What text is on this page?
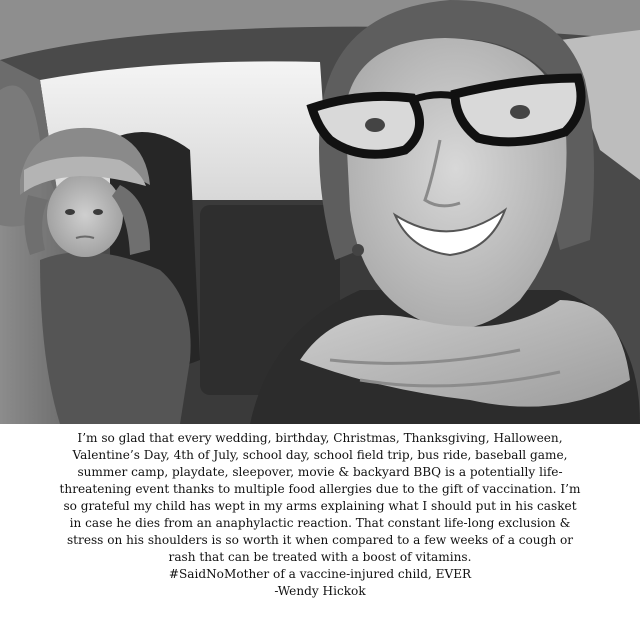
I’m so glad that every wedding, birthday, Christmas, Thanksgiving, Halloween,
Valentine’s Day, 4th of July, school day, school field trip, bus ride, baseball game,
summer camp, playdate, sleepover, movie & backyard BBQ is a potentially life-
threatening event thanks to multiple food allergies due to the gift of vaccination. I’m
so grateful my child has wept in my arms explaining what I should put in his casket
in case he dies from an anaphylactic reaction. That constant life-long exclusion &
stress on his shoulders is so worth it when compared to a few weeks of a cough or
rash that can be treated with a boost of vitamins.
#SaidNoMother of a vaccine-injured child, EVER
-Wendy Hickok
